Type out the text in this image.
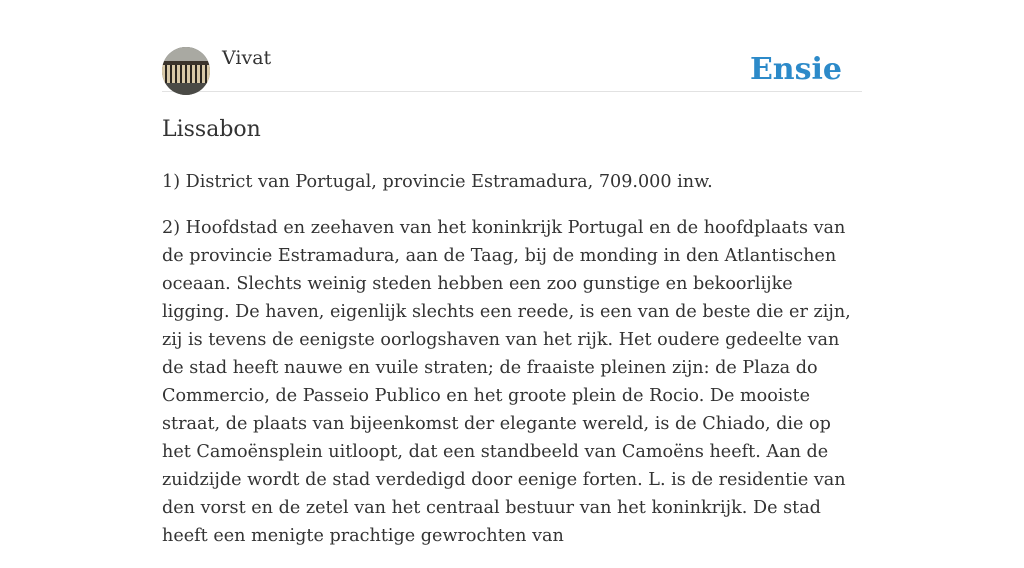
Vivat	Ensie
Lissabon

1) District van Portugal, provincie Estramadura, 709.000 inw.

2) Hoofdstad en zeehaven van het koninkrijk Portugal en de hoofdplaats van de provincie Estramadura, aan de Taag, bij de monding in den Atlantischen oceaan. Slechts weinig steden hebben een zoo gunstige en bekoorlijke ligging. De haven, eigenlijk slechts een reede, is een van de beste die er zijn, zij is tevens de eenigste oorlogshaven van het rijk. Het oudere gedeelte van de stad heeft nauwe en vuile straten; de fraaiste pleinen zijn: de Plaza do Commercio, de Passeio Publico en het groote plein de Rocio. De mooiste straat, de plaats van bijeenkomst der elegante wereld, is de Chiado, die op het Camoënsplein uitloopt, dat een standbeeld van Camoëns heeft. Aan de zuidzijde wordt de stad verdedigd door eenige forten. L. is de residentie van den vorst en de zetel van het centraal bestuur van het koninkrijk. De stad heeft een menigte prachtige gewrochten van
